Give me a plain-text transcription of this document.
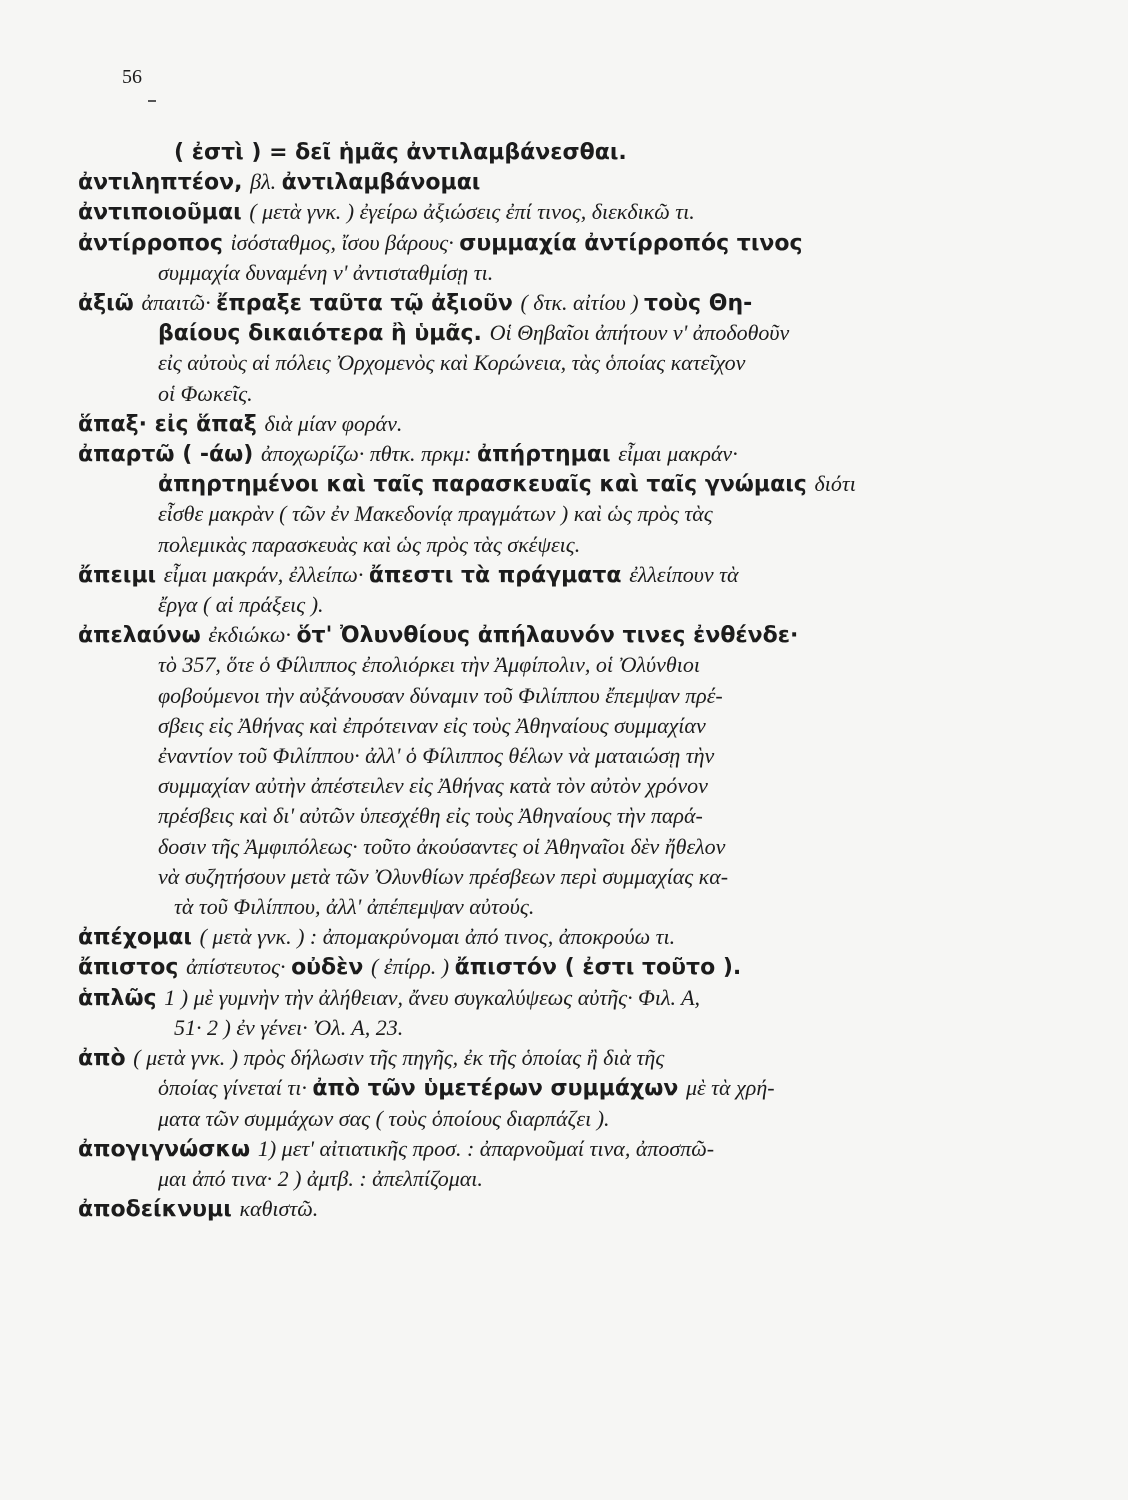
56
( ἐστὶ ) = δεῖ ἡμᾶς ἀντιλαμβάνεσθαι.
ἀντιληπτέον, βλ. ἀντιλαμβάνομαι
ἀντιποιοῦμαι ( μετὰ γνκ. ) ἐγείρω ἀξιώσεις ἐπί τινος, διεκδικῶ τι.
ἀντίρροπος ἰσόσταθμος, ἴσου βάρους· συμμαχία ἀντίρροπός τινος
συμμαχία δυναμένη ν' ἀντισταθμίσῃ τι.
ἀξιῶ ἀπαιτῶ· ἔπραξε ταῦτα τῷ ἀξιοῦν ( δτκ. αἰτίου ) τοὺς Θη-
βαίους δικαιότερα ἢ ὑμᾶς. Οἱ Θηβαῖοι ἀπήτουν ν' ἀποδοθοῦν
εἰς αὐτοὺς αἱ πόλεις Ὀρχομενὸς καὶ Κορώνεια, τὰς ὁποίας κατεῖχον
οἱ Φωκεῖς.
ἅπαξ· εἰς ἅπαξ διὰ μίαν φοράν.
ἀπαρτῶ ( -άω) ἀποχωρίζω· πθτκ. πρκμ: ἀπήρτημαι εἶμαι μακράν·
ἀπηρτημένοι καὶ ταῖς παρασκευαῖς καὶ ταῖς γνώμαις διότι
εἶσθε μακρὰν ( τῶν ἐν Μακεδονίᾳ πραγμάτων ) καὶ ὡς πρὸς τὰς
πολεμικὰς παρασκευὰς καὶ ὡς πρὸς τὰς σκέψεις.
ἄπειμι εἶμαι μακράν, ἐλλείπω· ἄπεστι τὰ πράγματα ἐλλείπουν τὰ
ἔργα ( αἱ πράξεις ).
ἀπελαύνω ἐκδιώκω· ὅτ' Ὀλυνθίους ἀπήλαυνόν τινες ἐνθένδε·
τὸ 357, ὅτε ὁ Φίλιππος ἐπολιόρκει τὴν Ἀμφίπολιν, οἱ Ὀλύνθιοι
φοβούμενοι τὴν αὐξάνουσαν δύναμιν τοῦ Φιλίππου ἔπεμψαν πρέ-
σβεις εἰς Ἀθήνας καὶ ἐπρότειναν εἰς τοὺς Ἀθηναίους συμμαχίαν
ἐναντίον τοῦ Φιλίππου· ἀλλ' ὁ Φίλιππος θέλων νὰ ματαιώσῃ τὴν
συμμαχίαν αὐτὴν ἀπέστειλεν εἰς Ἀθήνας κατὰ τὸν αὐτὸν χρόνον
πρέσβεις καὶ δι' αὐτῶν ὑπεσχέθη εἰς τοὺς Ἀθηναίους τὴν παρά-
δοσιν τῆς Ἀμφιπόλεως· τοῦτο ἀκούσαντες οἱ Ἀθηναῖοι δὲν ἤθελον
νὰ συζητήσουν μετὰ τῶν Ὀλυνθίων πρέσβεων περὶ συμμαχίας κα-
τὰ τοῦ Φιλίππου, ἀλλ' ἀπέπεμψαν αὐτούς.
ἀπέχομαι ( μετὰ γνκ. ) : ἀπομακρύνομαι ἀπό τινος, ἀποκρούω τι.
ἄπιστος ἀπίστευτος· οὐδὲν ( ἐπίρρ. ) ἄπιστόν ( ἐστι τοῦτο ).
ἁπλῶς 1 ) μὲ γυμνὴν τὴν ἀλήθειαν, ἄνευ συγκαλύψεως αὐτῆς· Φιλ. Α,
51· 2 ) ἐν γένει· Ὀλ. Α, 23.
ἀπὸ ( μετὰ γνκ. ) πρὸς δήλωσιν τῆς πηγῆς, ἐκ τῆς ὁποίας ἢ διὰ τῆς
ὁποίας γίνεταί τι· ἀπὸ τῶν ὑμετέρων συμμάχων μὲ τὰ χρή-
ματα τῶν συμμάχων σας ( τοὺς ὁποίους διαρπάζει ).
ἀπογιγνώσκω 1) μετ' αἰτιατικῆς προσ. : ἀπαρνοῦμαί τινα, ἀποσπῶ-
μαι ἀπό τινα· 2 ) ἀμτβ. : ἀπελπίζομαι.
ἀποδείκνυμι καθιστῶ.
